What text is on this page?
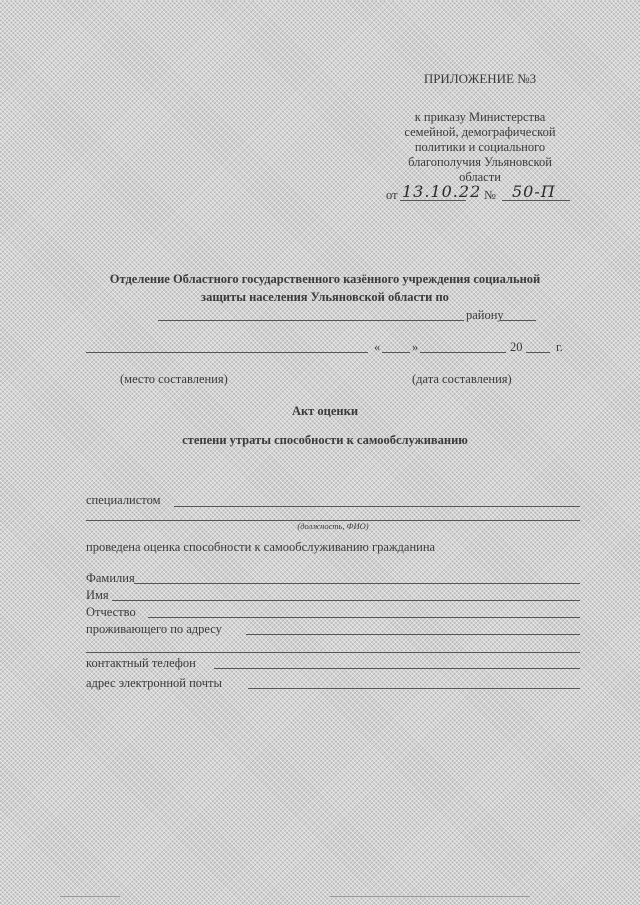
ПРИЛОЖЕНИЕ №3
к приказу Министерства
семейной, демографической
политики и социального
благополучия Ульяновской
области
от 13.10.22 № 50-П
Отделение Областного государственного казённого учреждения социальной
защиты населения Ульяновской области по
району
«	»	20	г.
(место составления)	(дата составления)
Акт оценки
степени утраты способности к самообслуживанию
специалистом
(должность, ФИО)
проведена оценка способности к самообслуживанию гражданина
Фамилия
Имя
Отчество
проживающего по адресу
контактный телефон
адрес электронной почты
